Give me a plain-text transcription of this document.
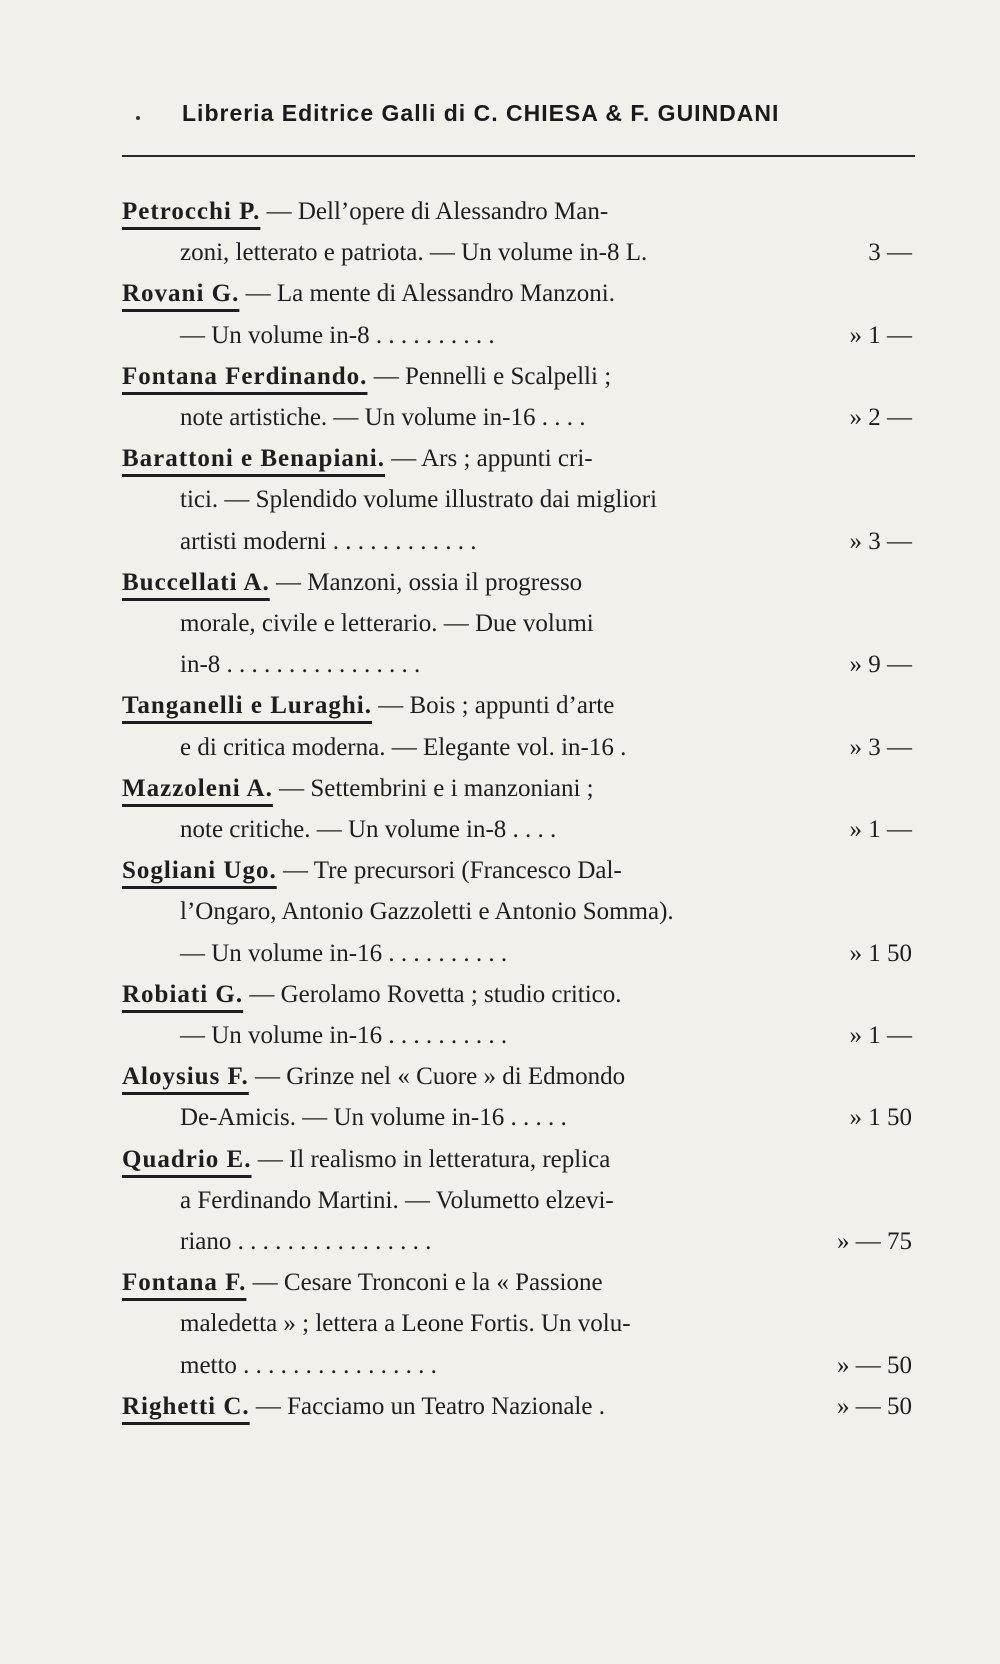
Libreria Editrice Galli di C. CHIESA & F. GUINDANI
Petrocchi P. — Dell’opere di Alessandro Man-
zoni, letterato e patriota. — Un volume in-8 L.	3 —
Rovani G. — La mente di Alessandro Manzoni.
— Un volume in-8 . . . . . . . . . .	» 1 —
Fontana Ferdinando. — Pennelli e Scalpelli ;
note artistiche. — Un volume in-16 . . . .	» 2 —
Barattoni e Benapiani. — Ars ; appunti cri-
tici. — Splendido volume illustrato dai migliori
artisti moderni . . . . . . . . . . . .	» 3 —
Buccellati A. — Manzoni, ossia il progresso
morale, civile e letterario. — Due volumi
in-8 . . . . . . . . . . . . . . . .	» 9 —
Tanganelli e Luraghi. — Bois ; appunti d’arte
e di critica moderna. — Elegante vol. in-16 .	» 3 —
Mazzoleni A. — Settembrini e i manzoniani ;
note critiche. — Un volume in-8 . . . .	» 1 —
Sogliani Ugo. — Tre precursori (Francesco Dal-
l’Ongaro, Antonio Gazzoletti e Antonio Somma).
— Un volume in-16 . . . . . . . . . .	» 1 50
Robiati G. — Gerolamo Rovetta ; studio critico.
— Un volume in-16 . . . . . . . . . .	» 1 —
Aloysius F. — Grinze nel « Cuore » di Edmondo
De-Amicis. — Un volume in-16 . . . . .	» 1 50
Quadrio E. — Il realismo in letteratura, replica
a Ferdinando Martini. — Volumetto elzevi-
riano . . . . . . . . . . . . . . . .	» — 75
Fontana F. — Cesare Tronconi e la « Passione
maledetta » ; lettera a Leone Fortis. Un volu-
metto . . . . . . . . . . . . . . . .	» — 50
Righetti C. — Facciamo un Teatro Nazionale .	» — 50
